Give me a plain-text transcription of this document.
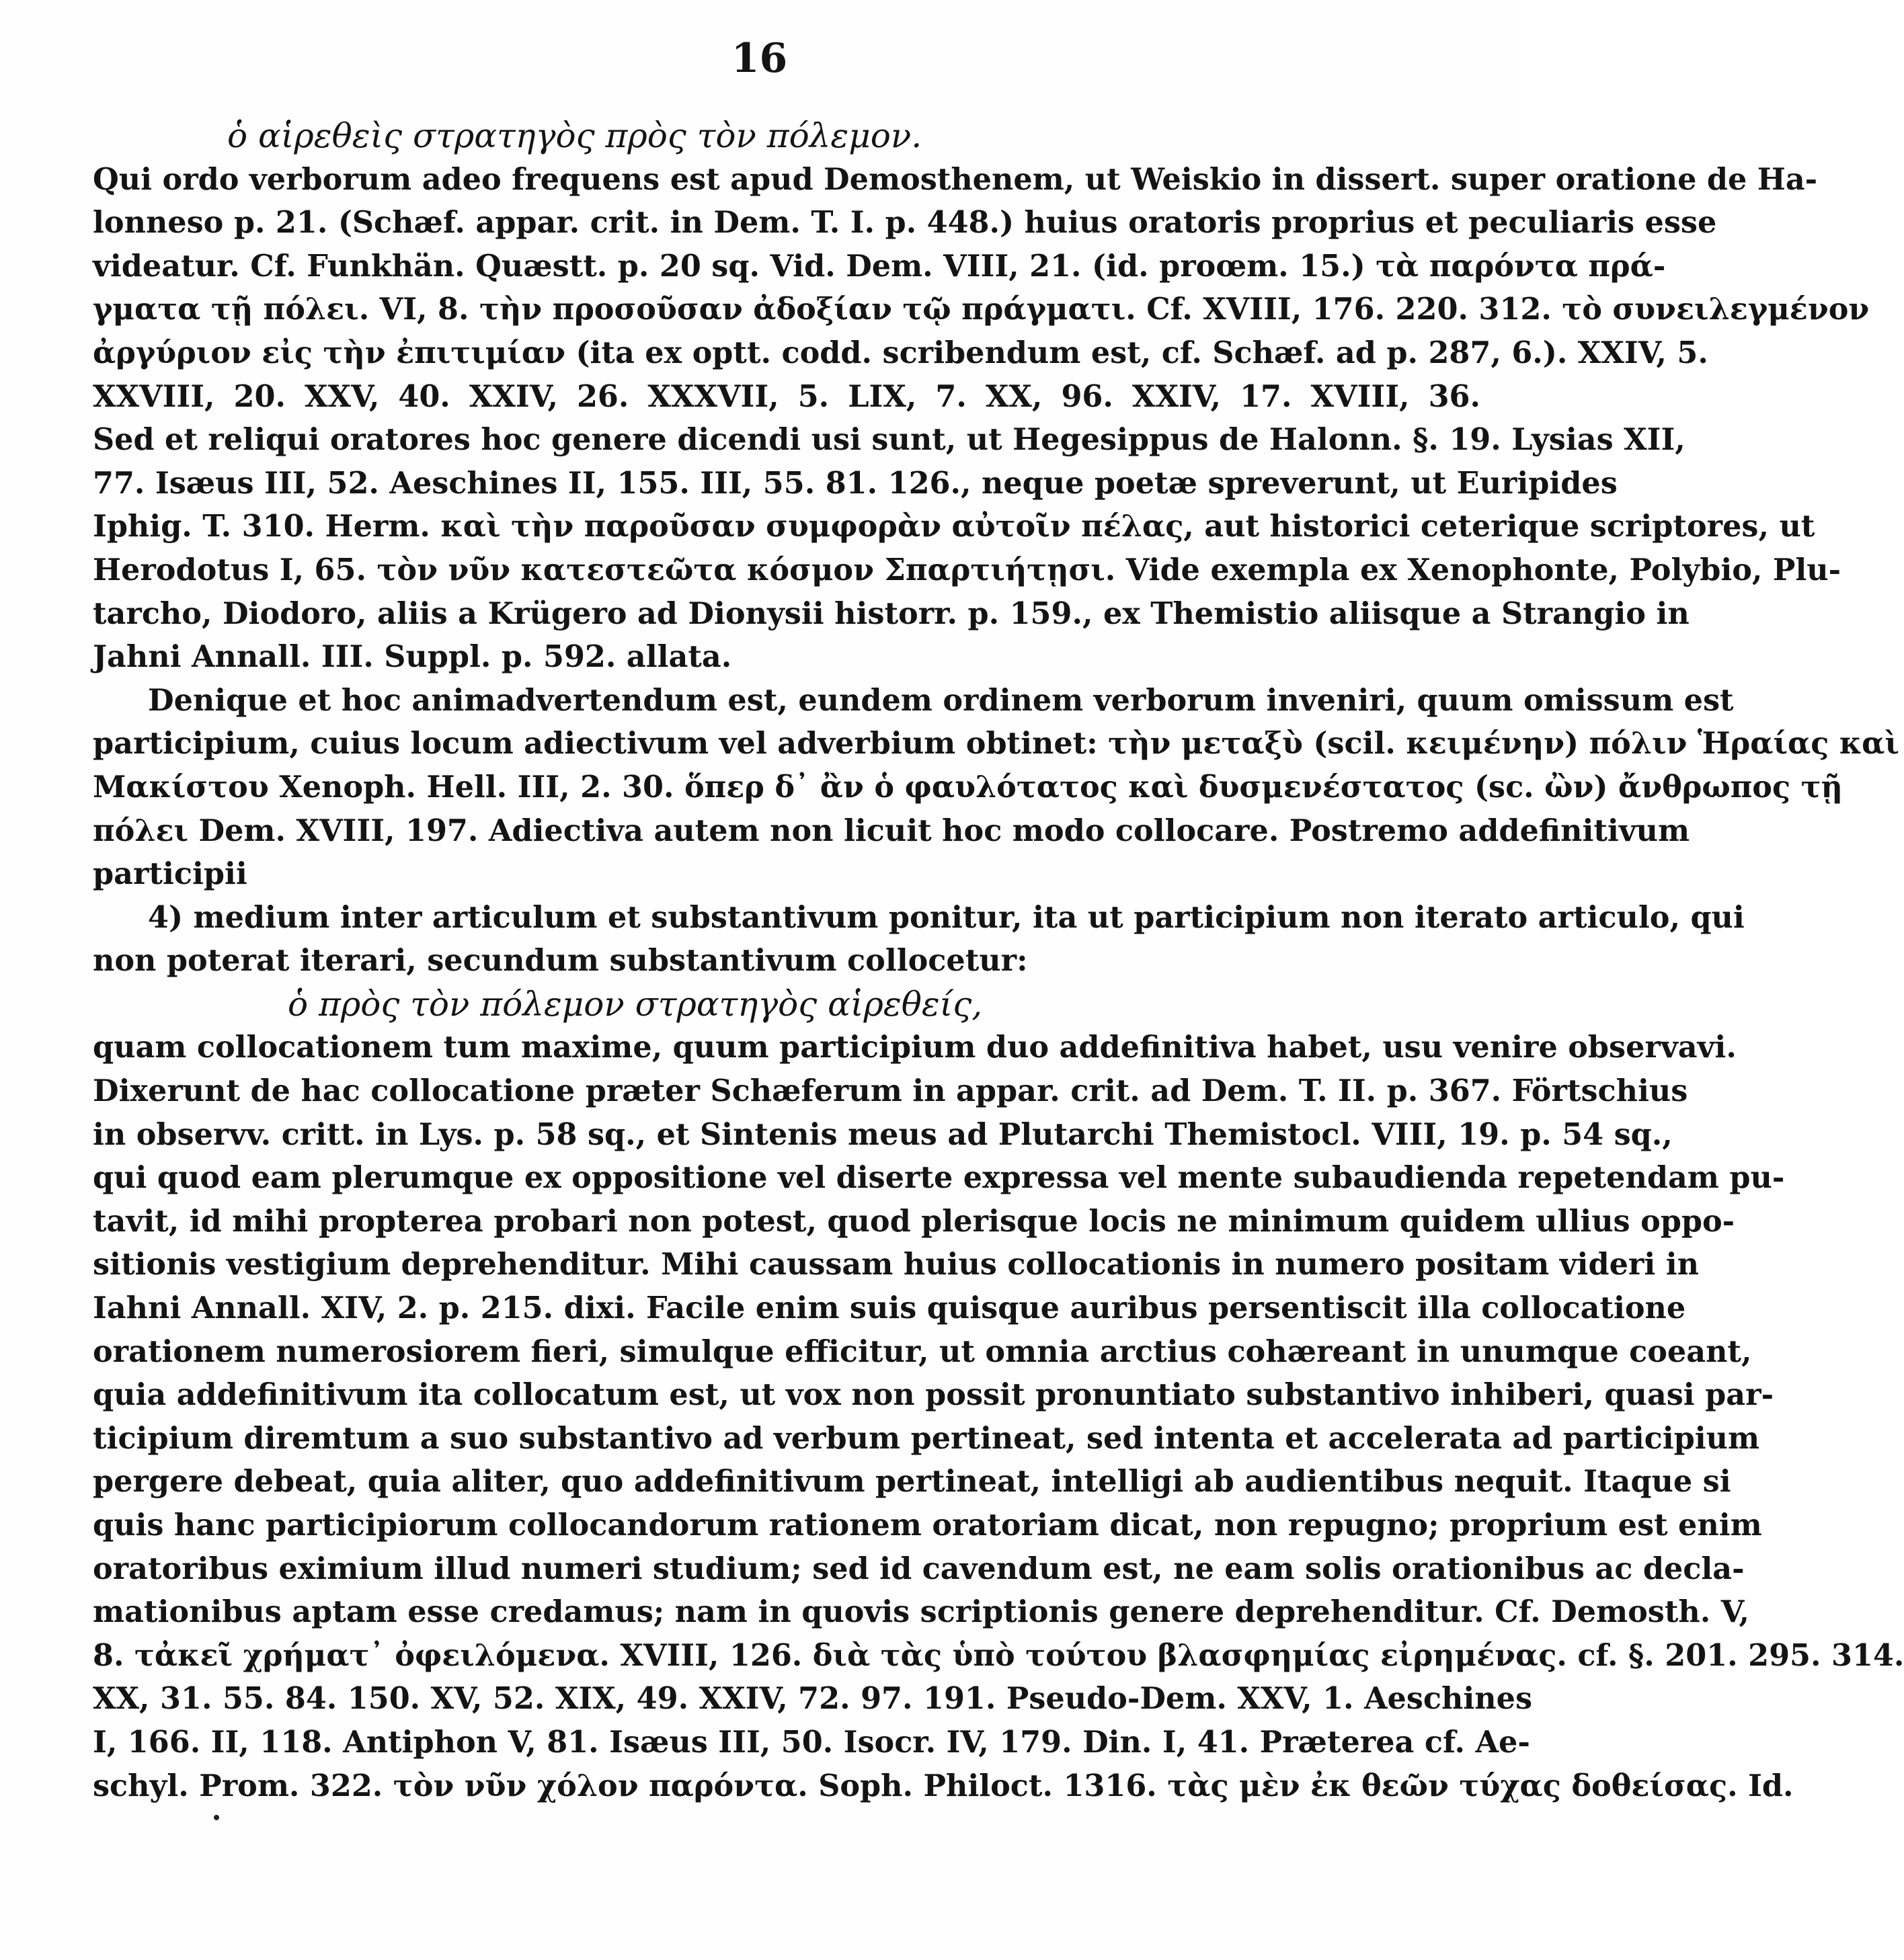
16
ὁ αἱρεθεὶς στρατηγὸς πρὸς τὸν πόλεμον.
Qui ordo verborum adeo frequens est apud Demosthenem, ut Weiskio in dissert. super oratione de Ha-
lonneso p. 21. (Schæf. appar. crit. in Dem. T. I. p. 448.) huius oratoris proprius et peculiaris esse
videatur. Cf. Funkhän. Quæstt. p. 20 sq. Vid. Dem. VIII, 21. (id. proœm. 15.) τὰ παρόντα πρά-
γματα τῇ πόλει. VI, 8. τὴν προσοῦσαν ἀδοξίαν τῷ πράγματι. Cf. XVIII, 176. 220. 312. τὸ συνειλεγμένον
ἀργύριον εἰς τὴν ἐπιτιμίαν (ita ex optt. codd. scribendum est, cf. Schæf. ad p. 287, 6.). XXIV, 5.
XXVIII, 20. XXV, 40. XXIV, 26. XXXVII, 5. LIX, 7. XX, 96. XXIV, 17. XVIII, 36.
Sed et reliqui oratores hoc genere dicendi usi sunt, ut Hegesippus de Halonn. §. 19. Lysias XII,
77. Isæus III, 52. Aeschines II, 155. III, 55. 81. 126., neque poetæ spreverunt, ut Euripides
Iphig. T. 310. Herm. καὶ τὴν παροῦσαν συμφορὰν αὐτοῖν πέλας, aut historici ceterique scriptores, ut
Herodotus I, 65. τὸν νῦν κατεστεῶτα κόσμον Σπαρτιήτῃσι. Vide exempla ex Xenophonte, Polybio, Plu-
tarcho, Diodoro, aliis a Krügero ad Dionysii historr. p. 159., ex Themistio aliisque a Strangio in
Jahni Annall. III. Suppl. p. 592. allata.
Denique et hoc animadvertendum est, eundem ordinem verborum inveniri, quum omissum est
participium, cuius locum adiectivum vel adverbium obtinet: τὴν μεταξὺ (scil. κειμένην) πόλιν Ἡραίας καὶ
Μακίστου Xenoph. Hell. III, 2. 30. ὅπερ δ᾽ ἂν ὁ φαυλότατος καὶ δυσμενέστατος (sc. ὢν) ἄνθρωπος τῇ
πόλει Dem. XVIII, 197. Adiectiva autem non licuit hoc modo collocare. Postremo addefinitivum
participii
4) medium inter articulum et substantivum ponitur, ita ut participium non iterato articulo, qui
non poterat iterari, secundum substantivum collocetur:
ὁ πρὸς τὸν πόλεμον στρατηγὸς αἱρεθείς,
quam collocationem tum maxime, quum participium duo addefinitiva habet, usu venire observavi.
Dixerunt de hac collocatione præter Schæferum in appar. crit. ad Dem. T. II. p. 367. Förtschius
in observv. critt. in Lys. p. 58 sq., et Sintenis meus ad Plutarchi Themistocl. VIII, 19. p. 54 sq.,
qui quod eam plerumque ex oppositione vel diserte expressa vel mente subaudienda repetendam pu-
tavit, id mihi propterea probari non potest, quod plerisque locis ne minimum quidem ullius oppo-
sitionis vestigium deprehenditur. Mihi caussam huius collocationis in numero positam videri in
Iahni Annall. XIV, 2. p. 215. dixi. Facile enim suis quisque auribus persentiscit illa collocatione
orationem numerosiorem fieri, simulque efficitur, ut omnia arctius cohæreant in unumque coeant,
quia addefinitivum ita collocatum est, ut vox non possit pronuntiato substantivo inhiberi, quasi par-
ticipium diremtum a suo substantivo ad verbum pertineat, sed intenta et accelerata ad participium
pergere debeat, quia aliter, quo addefinitivum pertineat, intelligi ab audientibus nequit. Itaque si
quis hanc participiorum collocandorum rationem oratoriam dicat, non repugno; proprium est enim
oratoribus eximium illud numeri studium; sed id cavendum est, ne eam solis orationibus ac decla-
mationibus aptam esse credamus; nam in quovis scriptionis genere deprehenditur. Cf. Demosth. V,
8. τἀκεῖ χρήματ᾽ ὀφειλόμενα. XVIII, 126. διὰ τὰς ὑπὸ τούτου βλασφημίας εἰρημένας. cf. §. 201. 295. 314.
XX, 31. 55. 84. 150. XV, 52. XIX, 49. XXIV, 72. 97. 191. Pseudo-Dem. XXV, 1. Aeschines
I, 166. II, 118. Antiphon V, 81. Isæus III, 50. Isocr. IV, 179. Din. I, 41. Præterea cf. Ae-
schyl. Prom. 322. τὸν νῦν χόλον παρόντα. Soph. Philoct. 1316. τὰς μὲν ἐκ θεῶν τύχας δοθείσας. Id.
